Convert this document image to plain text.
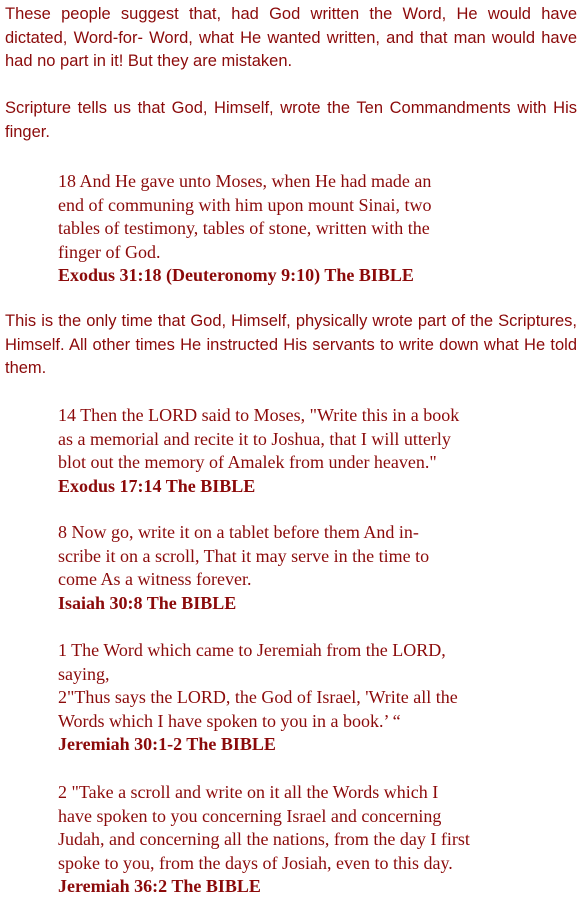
These people suggest that, had God written the Word, He would have dictated, Word-for- Word, what He wanted written, and that man would have had no part in it! But they are mistaken.

Scripture tells us that God, Himself, wrote the Ten Commandments with His finger.

18 And He gave unto Moses, when He had made an
end of communing with him upon mount Sinai, two
tables of testimony, tables of stone, written with the
finger of God.
Exodus 31:18 (Deuteronomy 9:10) The BIBLE

This is the only time that God, Himself, physically wrote part of the Scriptures, Himself. All other times He instructed His servants to write down what He told them.

14 Then the LORD said to Moses, "Write this in a book
as a memorial and recite it to Joshua, that I will utterly
blot out the memory of Amalek from under heaven."
Exodus 17:14 The BIBLE
8 Now go, write it on a tablet before them And in-
scribe it on a scroll, That it may serve in the time to
come As a witness forever.
Isaiah 30:8 The BIBLE
1 The Word which came to Jeremiah from the LORD,
saying,
2"Thus says the LORD, the God of Israel, 'Write all the
Words which I have spoken to you in a book.’ “
Jeremiah 30:1-2 The BIBLE
2 "Take a scroll and write on it all the Words which I
have spoken to you concerning Israel and concerning
Judah, and concerning all the nations, from the day I first
spoke to you, from the days of Josiah, even to this day.
Jeremiah 36:2 The BIBLE
